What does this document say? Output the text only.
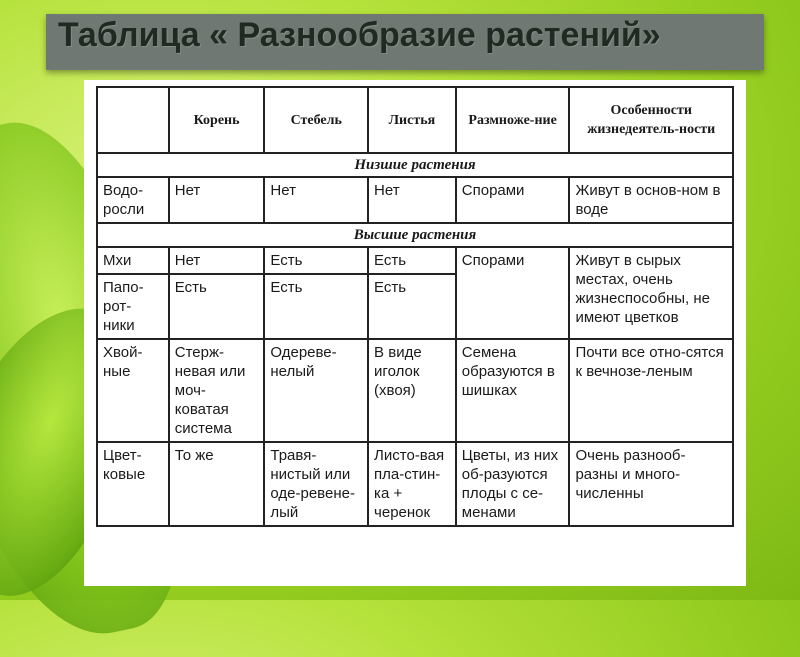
Таблица « Разнообразие растений»
	Корень	Стебель	Листья	Размноже-ние	Особенности жизнедеятель-ности
Низшие растения					
Водо-росли	Нет	Нет	Нет	Спорами	Живут в основ-ном в воде
Высшие растения					
Мхи	Нет	Есть	Есть	Спорами	Живут в сырых местах, очень жизнеспособны, не имеют цветков
Папо-рот-ники	Есть	Есть	Есть		
Хвой-ные	Стерж-невая или моч-коватая система	Одереве-нелый	В виде иголок (хвоя)	Семена образуются в шишках	Почти все отно-сятся к вечнозе-леным
Цвет-ковые	То же	Травя-нистый или оде-ревене-лый	Листо-вая пла-стин-ка + черенок	Цветы, из них об-разуются плоды с се-менами	Очень разнооб-разны и много-численны
